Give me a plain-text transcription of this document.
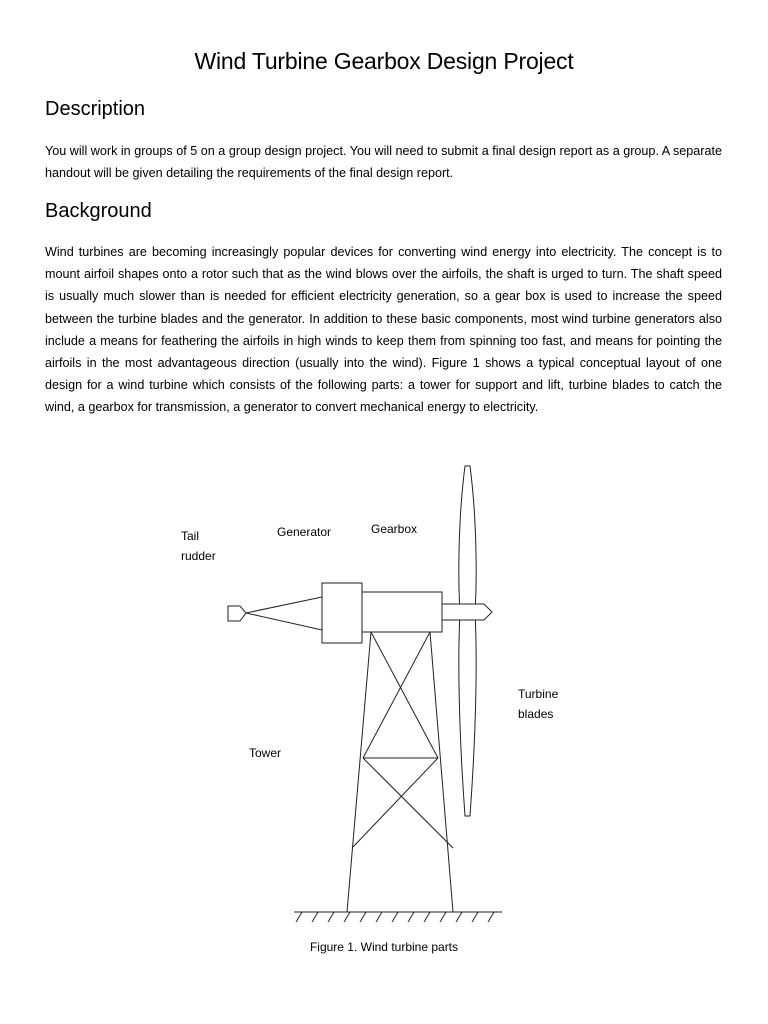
Wind Turbine Gearbox Design Project
Description

You will work in groups of 5 on a group design project. You will need to submit a final design report as a group. A separate handout will be given detailing the requirements of the final design report.

Background

Wind turbines are becoming increasingly popular devices for converting wind energy into electricity. The concept is to mount airfoil shapes onto a rotor such that as the wind blows over the airfoils, the shaft is urged to turn. The shaft speed is usually much slower than is needed for efficient electricity generation, so a gear box is used to increase the speed between the turbine blades and the generator. In addition to these basic components, most wind turbine generators also include a means for feathering the airfoils in high winds to keep them from spinning too fast, and means for pointing the airfoils in the most advantageous direction (usually into the wind). Figure 1 shows a typical conceptual layout of one design for a wind turbine which consists of the following parts: a tower for support and lift, turbine blades to catch the wind, a gearbox for transmission, a generator to convert mechanical energy to electricity.

Tail
rudder
Generator	Gearbox
Turbine
blades
Tower

Figure 1. Wind turbine parts
